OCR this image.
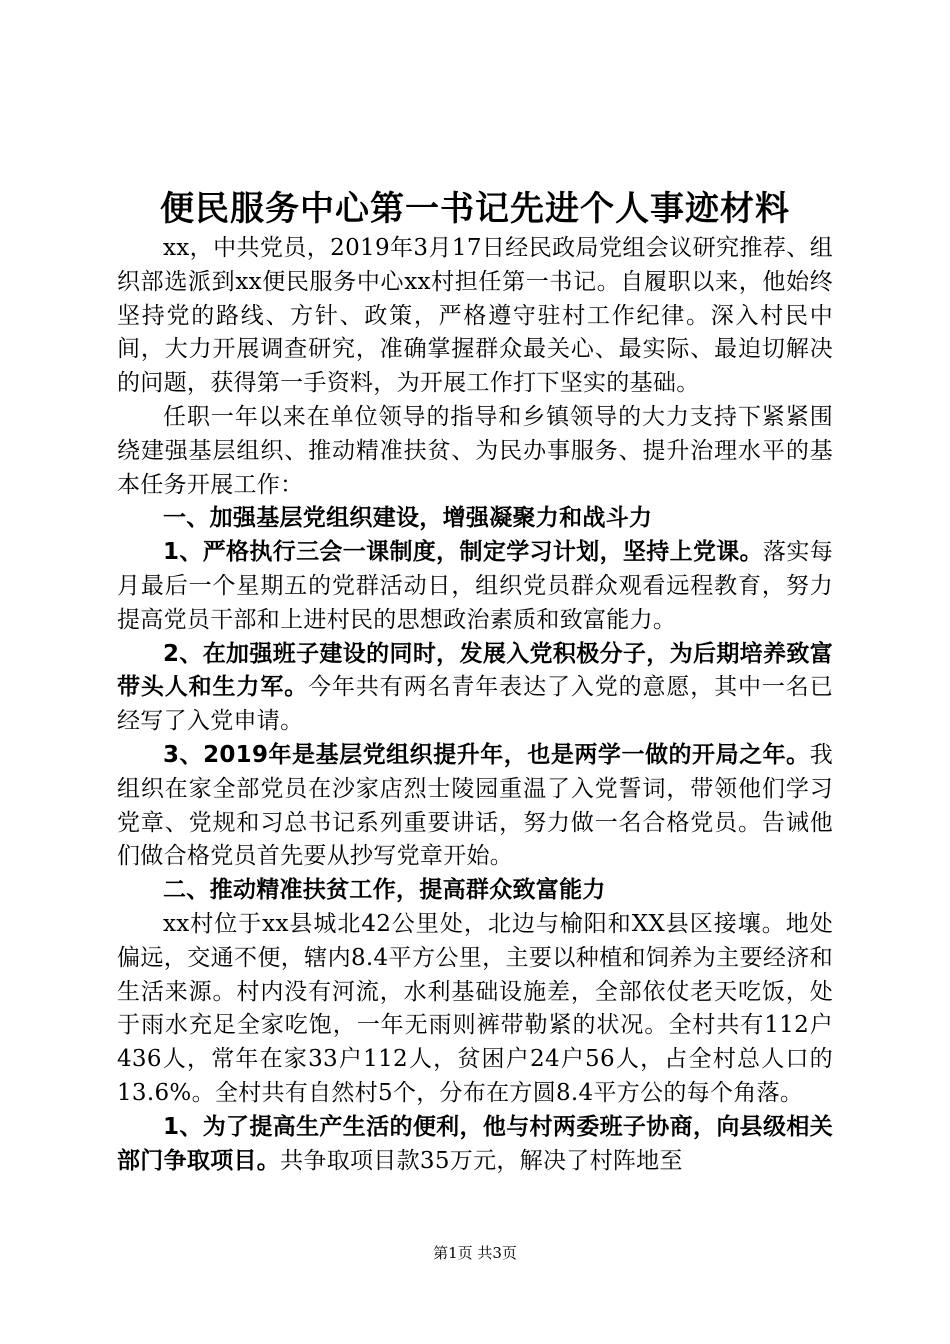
便民服务中心第一书记先进个人事迹材料

xx，中共党员，2019年3月17日经民政局党组会议研究推荐、组织部选派到xx便民服务中心xx村担任第一书记。自履职以来，他始终坚持党的路线、方针、政策，严格遵守驻村工作纪律。深入村民中间，大力开展调查研究，准确掌握群众最关心、最实际、最迫切解决的问题，获得第一手资料，为开展工作打下坚实的基础。

任职一年以来在单位领导的指导和乡镇领导的大力支持下紧紧围绕建强基层组织、推动精准扶贫、为民办事服务、提升治理水平的基本任务开展工作：

一、加强基层党组织建设，增强凝聚力和战斗力

1、严格执行三会一课制度，制定学习计划，坚持上党课。落实每月最后一个星期五的党群活动日，组织党员群众观看远程教育，努力提高党员干部和上进村民的思想政治素质和致富能力。

2、在加强班子建设的同时，发展入党积极分子，为后期培养致富带头人和生力军。今年共有两名青年表达了入党的意愿，其中一名已经写了入党申请。

3、2019年是基层党组织提升年，也是两学一做的开局之年。我组织在家全部党员在沙家店烈士陵园重温了入党誓词，带领他们学习党章、党规和习总书记系列重要讲话，努力做一名合格党员。告诫他们做合格党员首先要从抄写党章开始。

二、推动精准扶贫工作，提高群众致富能力

xx村位于xx县城北42公里处，北边与榆阳和XX县区接壤。地处偏远，交通不便，辖内8.4平方公里，主要以种植和饲养为主要经济和生活来源。村内没有河流，水利基础设施差，全部依仗老天吃饭，处于雨水充足全家吃饱，一年无雨则裤带勒紧的状况。全村共有112户436人，常年在家33户112人，贫困户24户56人，占全村总人口的13.6%。全村共有自然村5个，分布在方圆8.4平方公的每个角落。

1、为了提高生产生活的便利，他与村两委班子协商，向县级相关部门争取项目。共争取项目款35万元，解决了村阵地至

第1页 共3页
